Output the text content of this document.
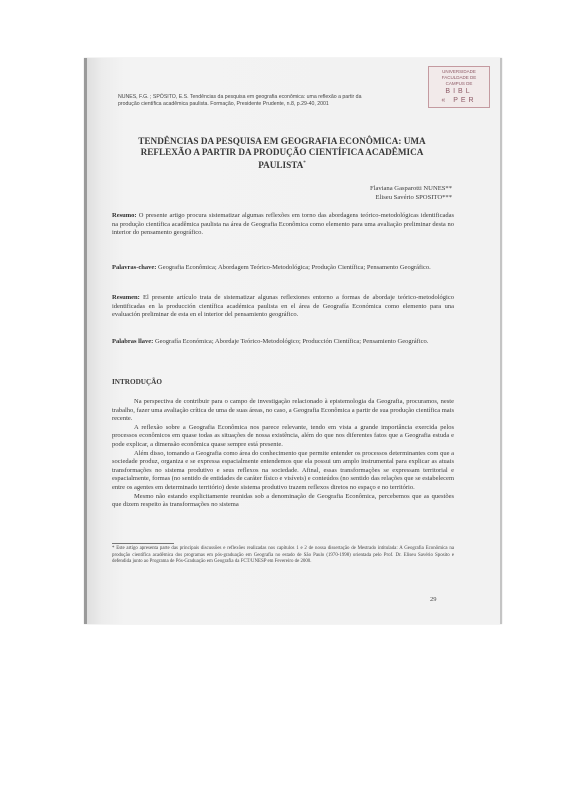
UNIVERSIDADE
FACULDADE DE
CAMPUS DE
BIBL
« PER
NUNES, F.G. ; SPÓSITO, E.S. Tendências da pesquisa em geografia econômica: uma reflexão a partir da
produção científica acadêmica paulista. Formação, Presidente Prudente, n.8, p.29-40, 2001
TENDÊNCIAS DA PESQUISA EM GEOGRAFIA ECONÔMICA: UMA
REFLEXÃO A PARTIR DA PRODUÇÃO CIENTÍFICA ACADÊMICA
PAULISTA*
Flaviana Gasparotti NUNES**
Eliseu Savério SPOSITO***
Resumo: O presente artigo procura sistematizar algumas reflexões em torno das abordagens teórico-metodológicas identificadas na produção científica acadêmica paulista na área de Geografia Econômica como elemento para uma avaliação preliminar desta no interior do pensamento geográfico.
Palavras-chave: Geografia Econômica; Abordagem Teórico-Metodológica; Produção Científica; Pensamento Geográfico.
Resumen: El presente artículo trata de sistematizar algunas reflexiones entorno a formas de abordaje teórico-metodológico identificadas en la producción científica académica paulista en el área de Geografía Económica como elemento para una evaluación preliminar de esta en el interior del pensamiento geográfico.
Palabras llave: Geografía Económica; Abordaje Teórico-Metodológico; Producción Científica; Pensamiento Geográfico.
INTRODUÇÃO

Na perspectiva de contribuir para o campo de investigação relacionado à epistemologia da Geografia, procuramos, neste trabalho, fazer uma avaliação crítica de uma de suas áreas, no caso, a Geografia Econômica a partir de sua produção científica mais recente.

A reflexão sobre a Geografia Econômica nos parece relevante, tendo em vista a grande importância exercida pelos processos econômicos em quase todas as situações de nossa existência, além do que nos diferentes fatos que a Geografia estuda e pode explicar, a dimensão econômica quase sempre está presente.

Além disso, tomando a Geografia como área do conhecimento que permite entender os processos determinantes com que a sociedade produz, organiza e se expressa espacialmente entendemos que ela possui um amplo instrumental para explicar as atuais transformações no sistema produtivo e seus reflexos na sociedade. Afinal, essas transformações se expressam territorial e espacialmente, formas (no sentido de entidades de caráter físico e visíveis) e conteúdos (no sentido das relações que se estabelecem entre os agentes em determinado território) deste sistema produtivo trazem reflexos diretos no espaço e no território.

Mesmo não estando explicitamente reunidas sob a denominação de Geografia Econômica, percebemos que as questões que dizem respeito às transformações no sistema

* Este artigo apresenta parte das principais discussões e reflexões realizadas nos capítulos 1 e 2 de nossa dissertação de Mestrado intitulada: A Geografia Econômica na produção científica acadêmica dos programas em pós-graduação em Geografia no estado de São Paulo (1970-1998) orientada pelo Prof. Dr. Eliseu Savério Sposito e defendida junto ao Programa de Pós-Graduação em Geografia da FCT/UNESP em Fevereiro de 2000.
29
